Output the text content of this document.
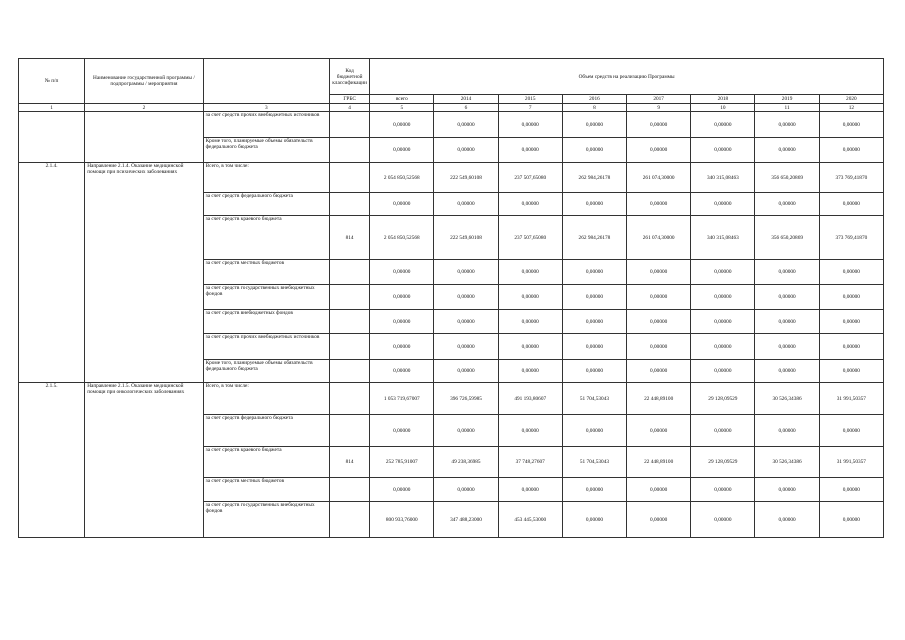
№ п/п	Наименование государственной программы / подпрограммы / мероприятия		Код бюджетной классификации	Объем средств на реализацию Программы							
			ГРБС	всего	2014	2015	2016	2017	2018	2019	2020
1	2	3	4	5	6	7	8	9	10	11	12
		за счет средств прочих внебюджетных источников		0,00000	0,00000	0,00000	0,00000	0,00000	0,00000	0,00000	0,00000
		Кроме того, планируемые объемы обязательств федерального бюджета		0,00000	0,00000	0,00000	0,00000	0,00000	0,00000	0,00000	0,00000
2.1.4.	Направление 2.1.4. Оказание медицинской помощи при психических заболеваниях	Всего, в том числе:		2 054 850,52568	222 549,60108	237 507,65080	262 984,26178	261 074,30000	340 315,08463	356 650,20869	373 769,41870
		за счет средств федерального бюджета		0,00000	0,00000	0,00000	0,00000	0,00000	0,00000	0,00000	0,00000
		за счет средств краевого бюджета	814	2 054 850,52568	222 549,60108	237 507,65080	262 984,26178	261 074,30000	340 315,08463	356 650,20869	373 769,41870
		за счет средств местных бюджетов		0,00000	0,00000	0,00000	0,00000	0,00000	0,00000	0,00000	0,00000
		за счет средств государственных внебюджетных фондов		0,00000	0,00000	0,00000	0,00000	0,00000	0,00000	0,00000	0,00000
		за счет средств внебюджетных фондов		0,00000	0,00000	0,00000	0,00000	0,00000	0,00000	0,00000	0,00000
		за счет средств прочих внебюджетных источников		0,00000	0,00000	0,00000	0,00000	0,00000	0,00000	0,00000	0,00000
		Кроме того, планируемые объемы обязательств федерального бюджета		0,00000	0,00000	0,00000	0,00000	0,00000	0,00000	0,00000	0,00000
2.1.5.	Направление 2.1.5. Оказание медицинской помощи при онкологических заболеваниях	Всего, в том числе:		1 053 719,67007	396 726,59985	491 193,80607	51 704,53043	22 448,89100	29 128,09529	30 526,34386	31 991,50357
		за счет средств федерального бюджета		0,00000	0,00000	0,00000	0,00000	0,00000	0,00000	0,00000	0,00000
		за счет средств краевого бюджета	814	252 785,91007	49 238,36985	37 748,27607	51 704,53043	22 448,89100	29 128,09529	30 526,34386	31 991,50357
		за счет средств местных бюджетов		0,00000	0,00000	0,00000	0,00000	0,00000	0,00000	0,00000	0,00000
		за счет средств государственных внебюджетных фондов		800 933,76000	347 488,23000	453 445,53000	0,00000	0,00000	0,00000	0,00000	0,00000
